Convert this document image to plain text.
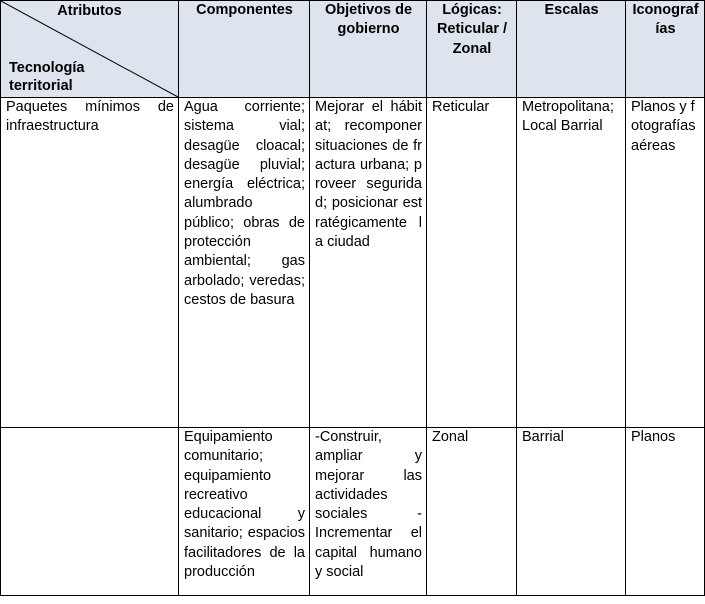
Atributos
Tecnología territorial	Componentes	Objetivos de gobierno	Lógicas: Reticular / Zonal	Escalas	Iconografías
Paquetes mínimos de infraestructura	Agua corriente; sistema vial; desagüe cloacal; desagüe pluvial; energía eléctrica; alumbrado público; obras de protección ambiental; gas arbolado; veredas; cestos de basura	Mejorar el hábitat; recomponer situaciones de fractura urbana; proveer seguridad; posicionar estratégicamente la ciudad	Reticular	Metropolitana; Local Barrial	Planos y fotografías aéreas

	Equipamiento comunitario; equipamiento recreativo educacional y sanitario; espacios facilitadores de la producción	-Construir, ampliar y mejorar las actividades sociales -Incrementar el capital humano y social	Zonal	Barrial	Planos
